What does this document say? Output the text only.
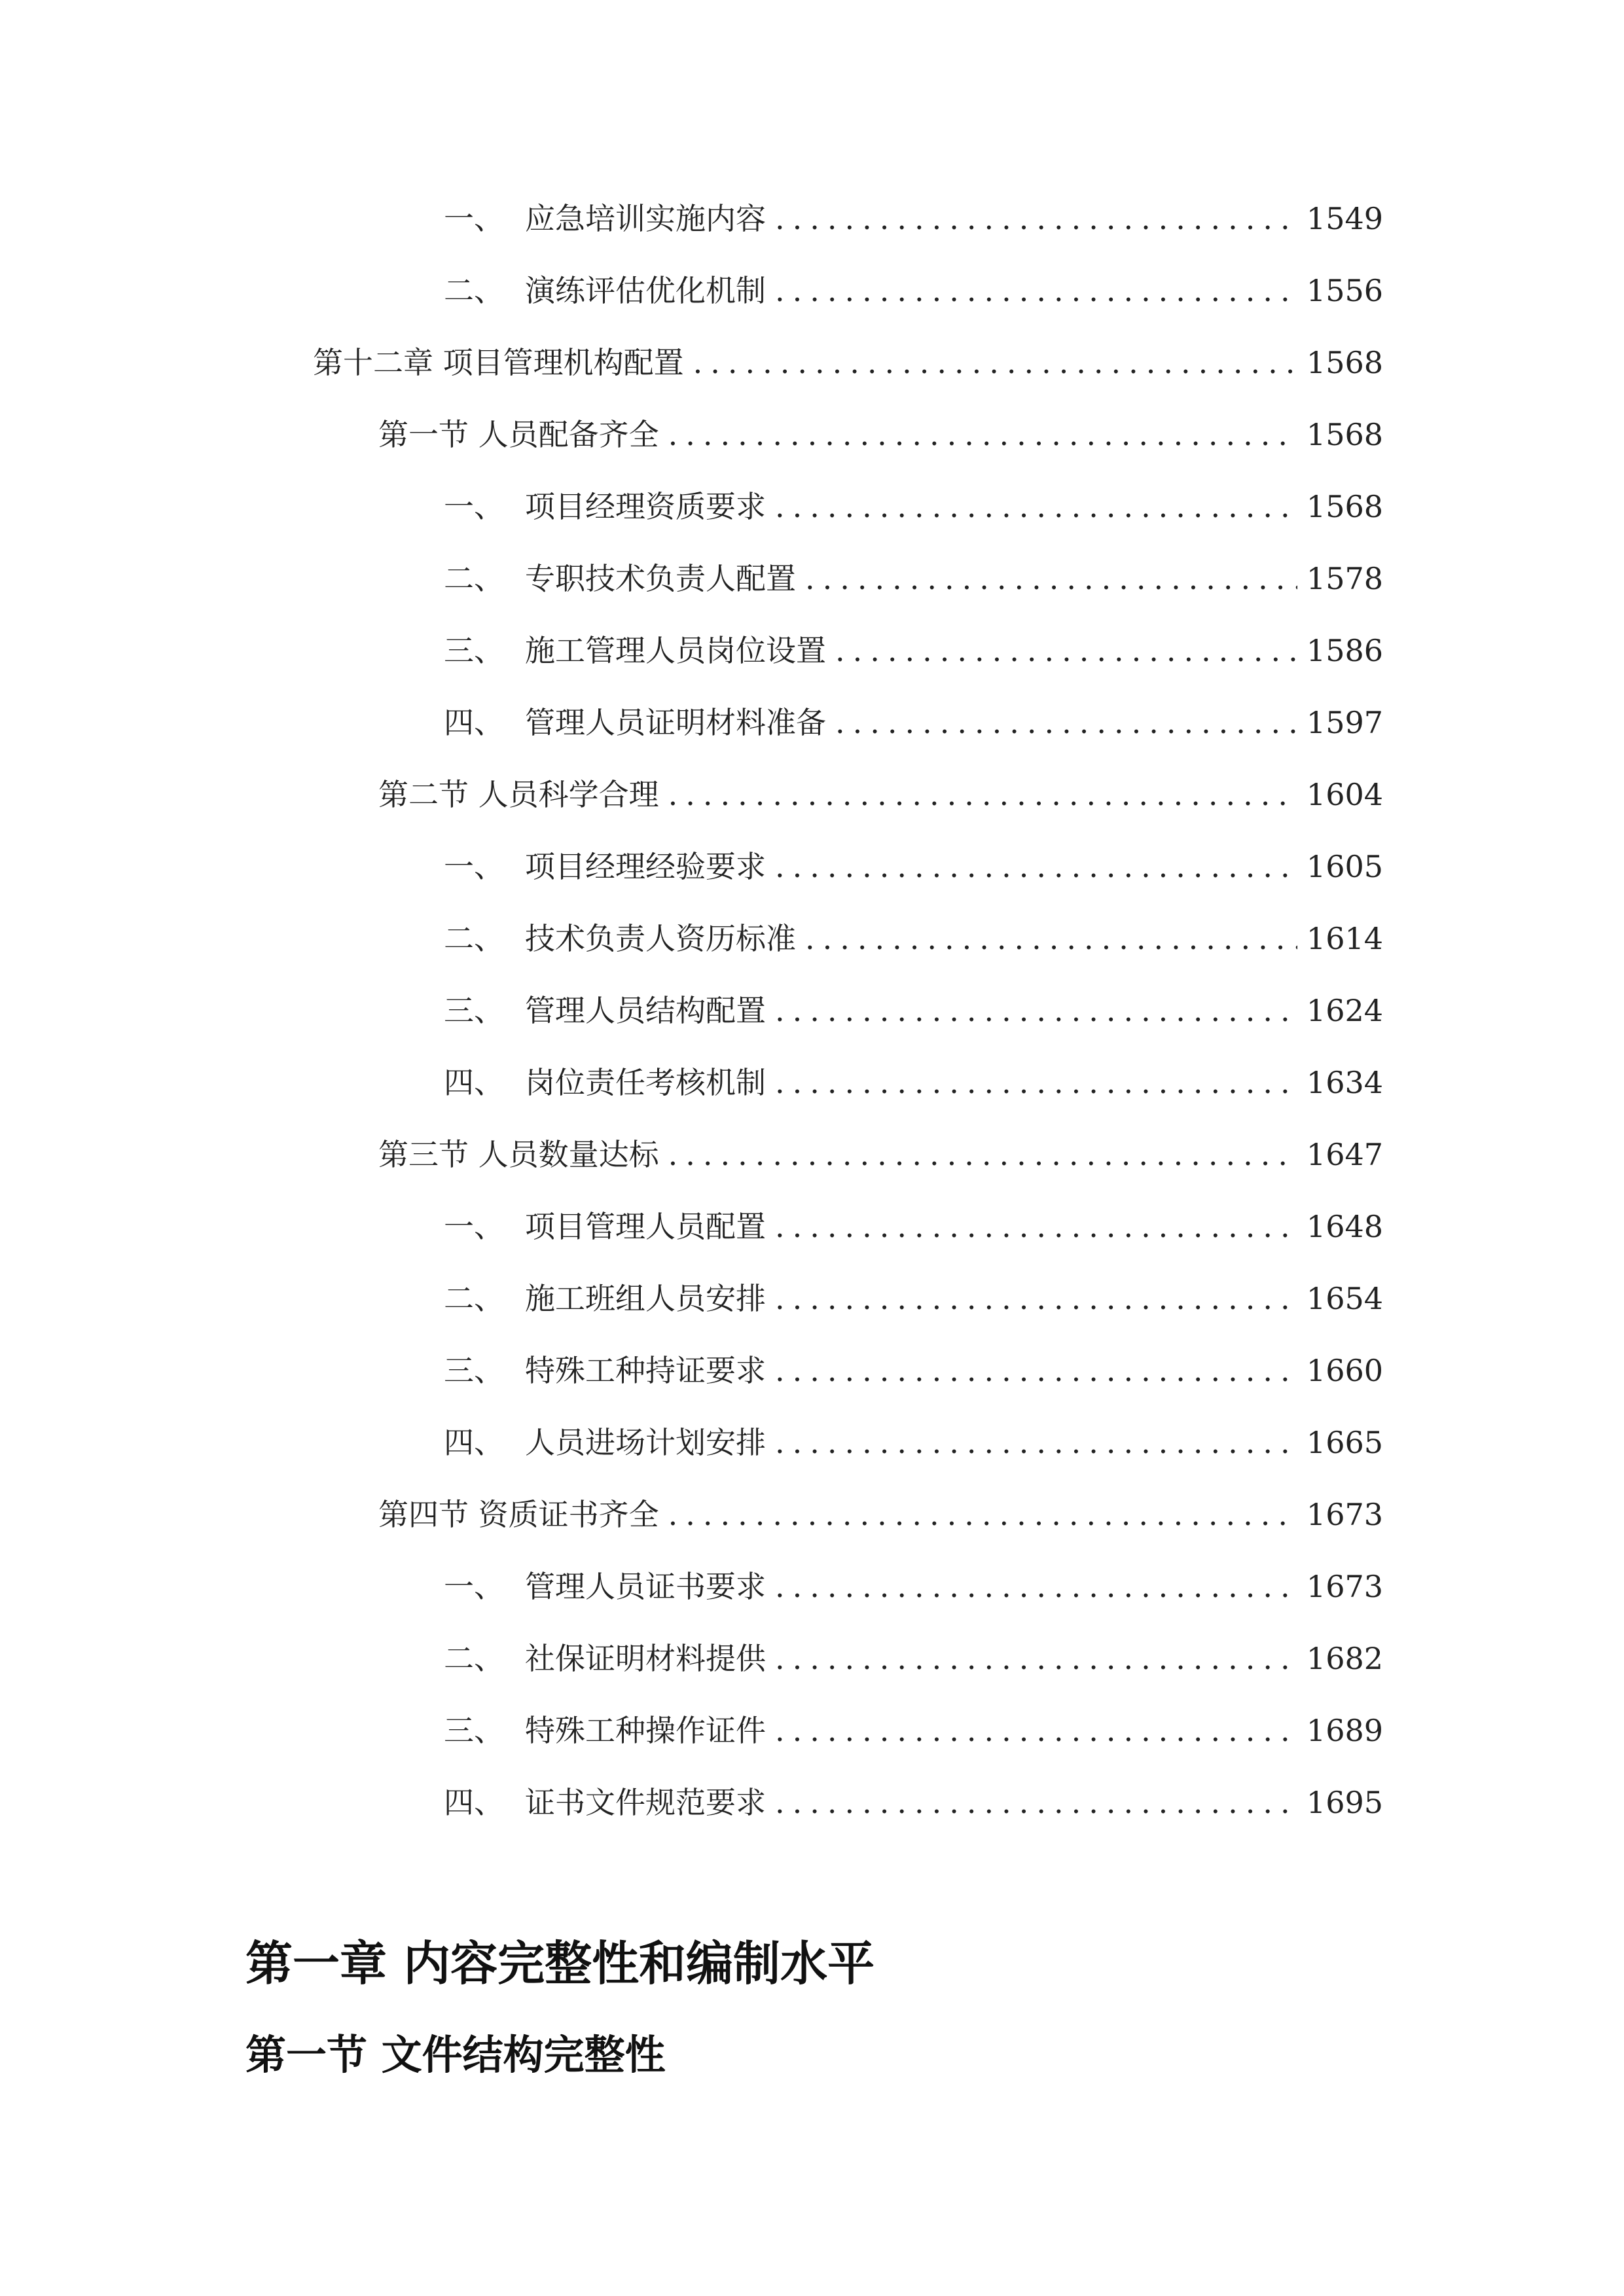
一、 应急培训实施内容 .....	1549
二、 演练评估优化机制 .....	1556
第十二章 项目管理机构配置 .....	1568
第一节 人员配备齐全 .....	1568
一、 项目经理资质要求 .....	1568
二、 专职技术负责人配置 .....	1578
三、 施工管理人员岗位设置 .....	1586
四、 管理人员证明材料准备 .....	1597
第二节 人员科学合理 .....	1604
一、 项目经理经验要求 .....	1605
二、 技术负责人资历标准 .....	1614
三、 管理人员结构配置 .....	1624
四、 岗位责任考核机制 .....	1634
第三节 人员数量达标 .....	1647
一、 项目管理人员配置 .....	1648
二、 施工班组人员安排 .....	1654
三、 特殊工种持证要求 .....	1660
四、 人员进场计划安排 .....	1665
第四节 资质证书齐全 .....	1673
一、 管理人员证书要求 .....	1673
二、 社保证明材料提供 .....	1682
三、 特殊工种操作证件 .....	1689
四、 证书文件规范要求 .....	1695
第一章 内容完整性和编制水平
第一节 文件结构完整性
